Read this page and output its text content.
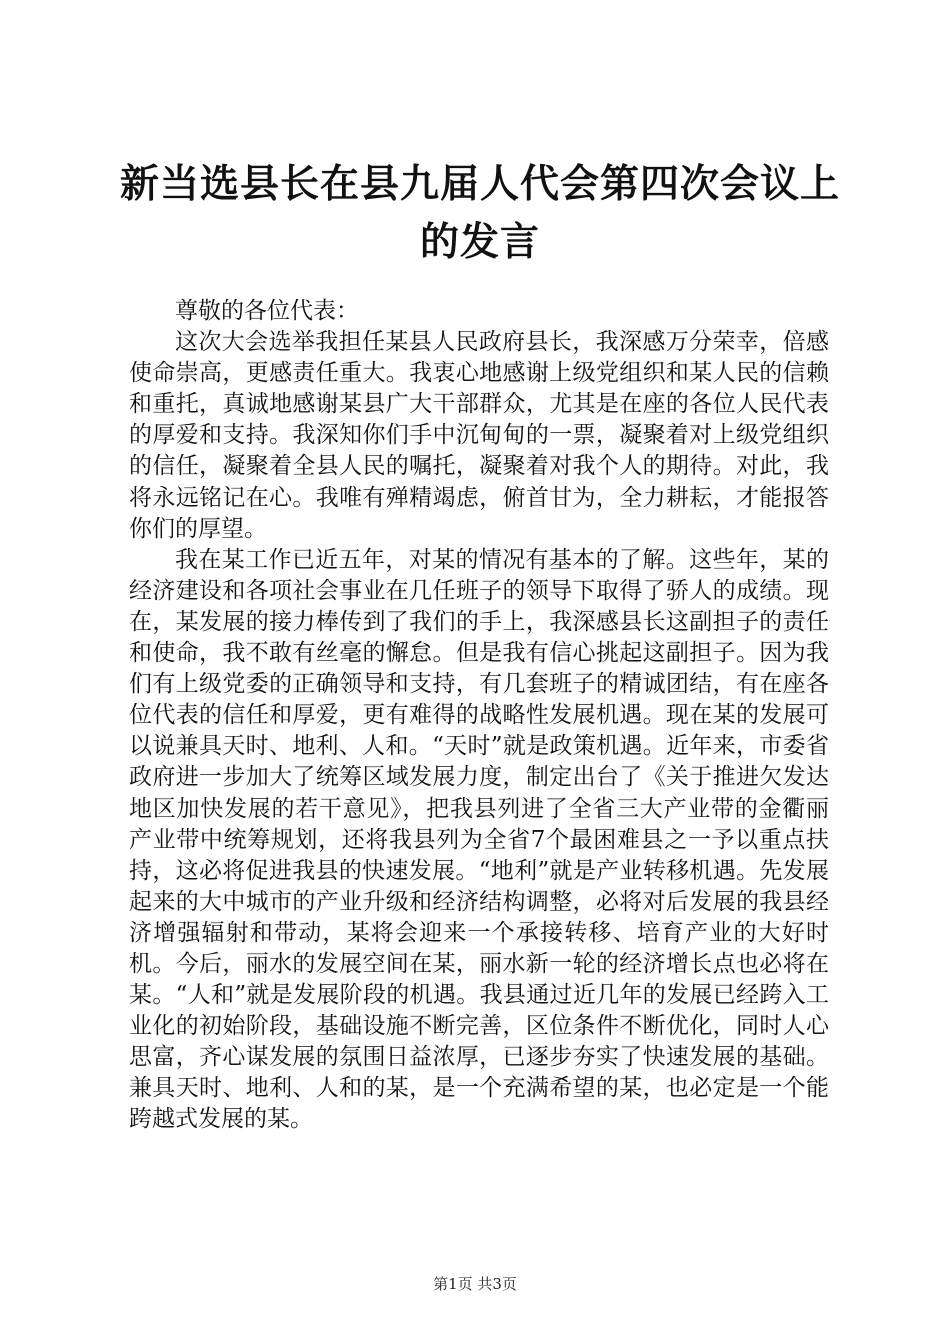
新当选县长在县九届人代会第四次会议上的发言

尊敬的各位代表：

这次大会选举我担任某县人民政府县长，我深感万分荣幸，倍感使命崇高，更感责任重大。我衷心地感谢上级党组织和某人民的信赖和重托，真诚地感谢某县广大干部群众，尤其是在座的各位人民代表的厚爱和支持。我深知你们手中沉甸甸的一票，凝聚着对上级党组织的信任，凝聚着全县人民的嘱托，凝聚着对我个人的期待。对此，我将永远铭记在心。我唯有殚精竭虑，俯首甘为，全力耕耘，才能报答你们的厚望。

我在某工作已近五年，对某的情况有基本的了解。这些年，某的经济建设和各项社会事业在几任班子的领导下取得了骄人的成绩。现在，某发展的接力棒传到了我们的手上，我深感县长这副担子的责任和使命，我不敢有丝毫的懈怠。但是我有信心挑起这副担子。因为我们有上级党委的正确领导和支持，有几套班子的精诚团结，有在座各位代表的信任和厚爱，更有难得的战略性发展机遇。现在某的发展可以说兼具天时、地利、人和。“天时”就是政策机遇。近年来，市委省政府进一步加大了统筹区域发展力度，制定出台了《关于推进欠发达地区加快发展的若干意见》，把我县列进了全省三大产业带的金衢丽产业带中统筹规划，还将我县列为全省7个最困难县之一予以重点扶持，这必将促进我县的快速发展。“地利”就是产业转移机遇。先发展起来的大中城市的产业升级和经济结构调整，必将对后发展的我县经济增强辐射和带动，某将会迎来一个承接转移、培育产业的大好时机。今后，丽水的发展空间在某，丽水新一轮的经济增长点也必将在某。“人和”就是发展阶段的机遇。我县通过近几年的发展已经跨入工业化的初始阶段，基础设施不断完善，区位条件不断优化，同时人心思富，齐心谋发展的氛围日益浓厚，已逐步夯实了快速发展的基础。兼具天时、地利、人和的某，是一个充满希望的某，也必定是一个能跨越式发展的某。

第1页 共3页
